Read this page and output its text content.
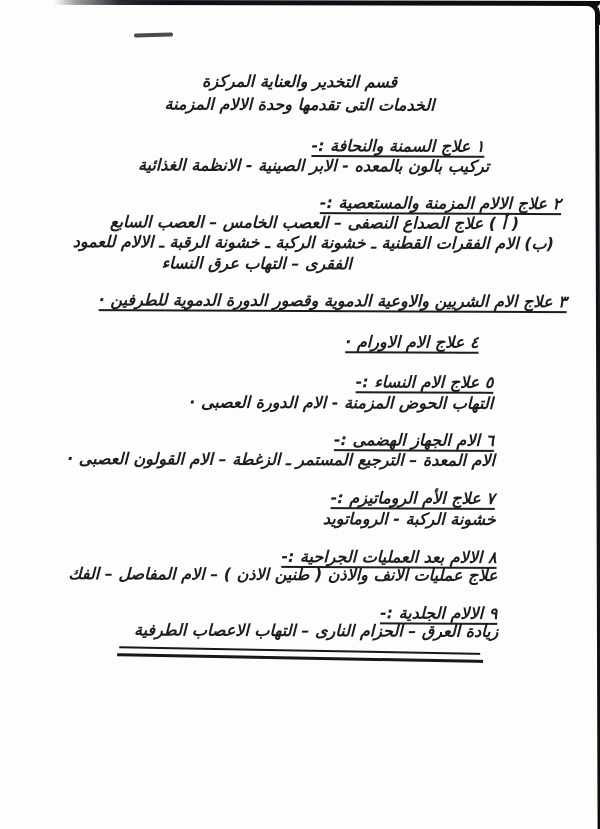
قسم التخدير والعناية المركزة
الخدمات التى تقدمها وحدة الالام المزمنة
١ علاج السمنة والنحافة :-
تركيب بالون بالمعده - الابر الصينية - الانظمة الغذائية
٢ علاج الالام المزمنة والمستعصية :-
( أ ) علاج الصداع النصفى – العصب الخامس – العصب السابع
(ب) الام الفقرات القطنية ـ خشونة الركبة ـ خشونة الرقبة ـ الالام للعمود
الفقرى – التهاب عرق النساء
٣ علاج الام الشريين والاوعية الدموية وقصور الدورة الدموية للطرفين ·
٤ علاج الام الاورام ·
٥ علاج الام النساء :-
التهاب الحوض المزمنة - الام الدورة العصبى ·
٦ الام الجهاز الهضمى :-
الام المعدة – الترجيع المستمر ـ الزغطة – الام القولون العصبى ·
٧ علاج الأم الروماتيزم :-
خشونة الركبة - الروماتويد
٨ الالام بعد العمليات الجراحية :-
علاج عمليات الانف والاذن ( طنين الاذن ) – الام المفاصل – الفك
٩ الالام الجلدية :-
زيادة العرق – الحزام النارى – التهاب الاعصاب الطرفية
